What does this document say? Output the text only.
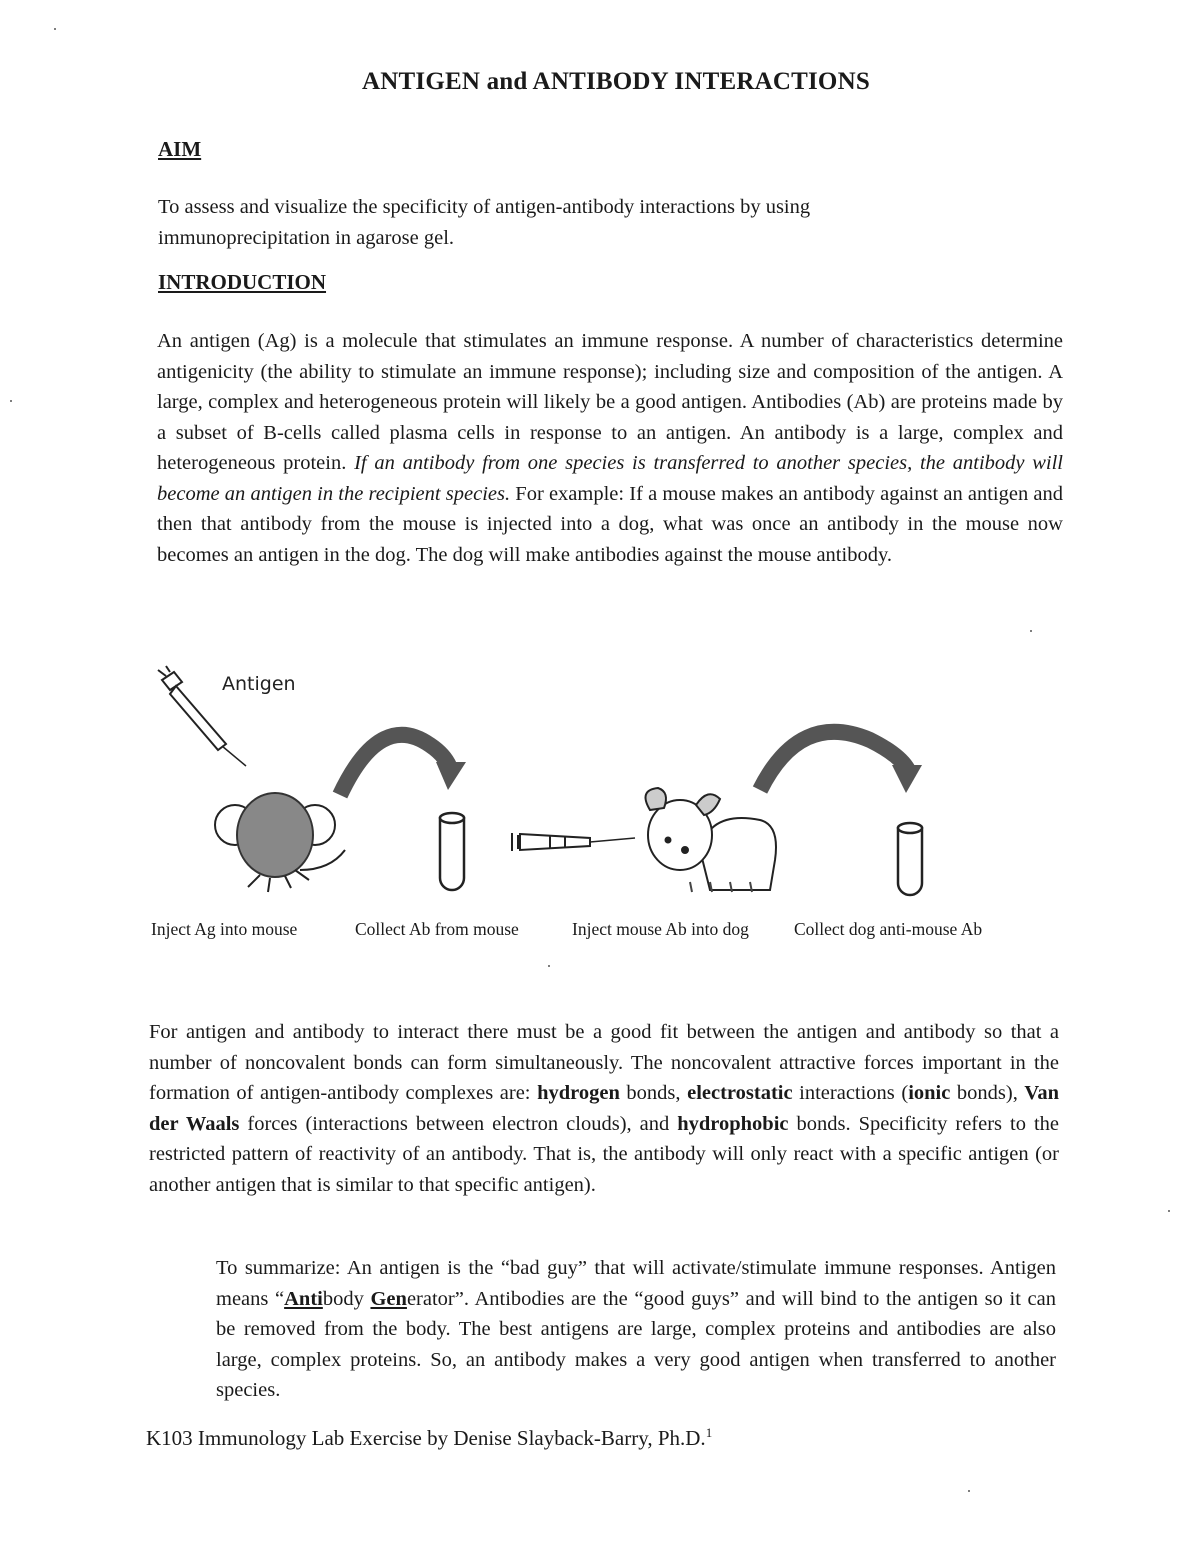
ANTIGEN and ANTIBODY INTERACTIONS
AIM
To assess and visualize the specificity of antigen-antibody interactions by using immunoprecipitation in agarose gel.
INTRODUCTION

An antigen (Ag) is a molecule that stimulates an immune response. A number of characteristics determine antigenicity (the ability to stimulate an immune response); including size and composition of the antigen. A large, complex and heterogeneous protein will likely be a good antigen. Antibodies (Ab) are proteins made by a subset of B-cells called plasma cells in response to an antigen. An antibody is a large, complex and heterogeneous protein. If an antibody from one species is transferred to another species, the antibody will become an antigen in the recipient species. For example: If a mouse makes an antibody against an antigen and then that antibody from the mouse is injected into a dog, what was once an antibody in the mouse now becomes an antigen in the dog. The dog will make antibodies against the mouse antibody.

Antigen
Inject Ag into mouse	Collect Ab from mouse	Inject mouse Ab into dog	Collect dog anti-mouse Ab

For antigen and antibody to interact there must be a good fit between the antigen and antibody so that a number of noncovalent bonds can form simultaneously. The noncovalent attractive forces important in the formation of antigen-antibody complexes are: hydrogen bonds, electrostatic interactions (ionic bonds), Van der Waals forces (interactions between electron clouds), and hydrophobic bonds. Specificity refers to the restricted pattern of reactivity of an antibody. That is, the antibody will only react with a specific antigen (or another antigen that is similar to that specific antigen).

To summarize: An antigen is the “bad guy” that will activate/stimulate immune responses. Antigen means “Antibody Generator”. Antibodies are the “good guys” and will bind to the antigen so it can be removed from the body. The best antigens are large, complex proteins and antibodies are also large, complex proteins. So, an antibody makes a very good antigen when transferred to another species.

K103 Immunology Lab Exercise by Denise Slayback-Barry, Ph.D.$^1$
